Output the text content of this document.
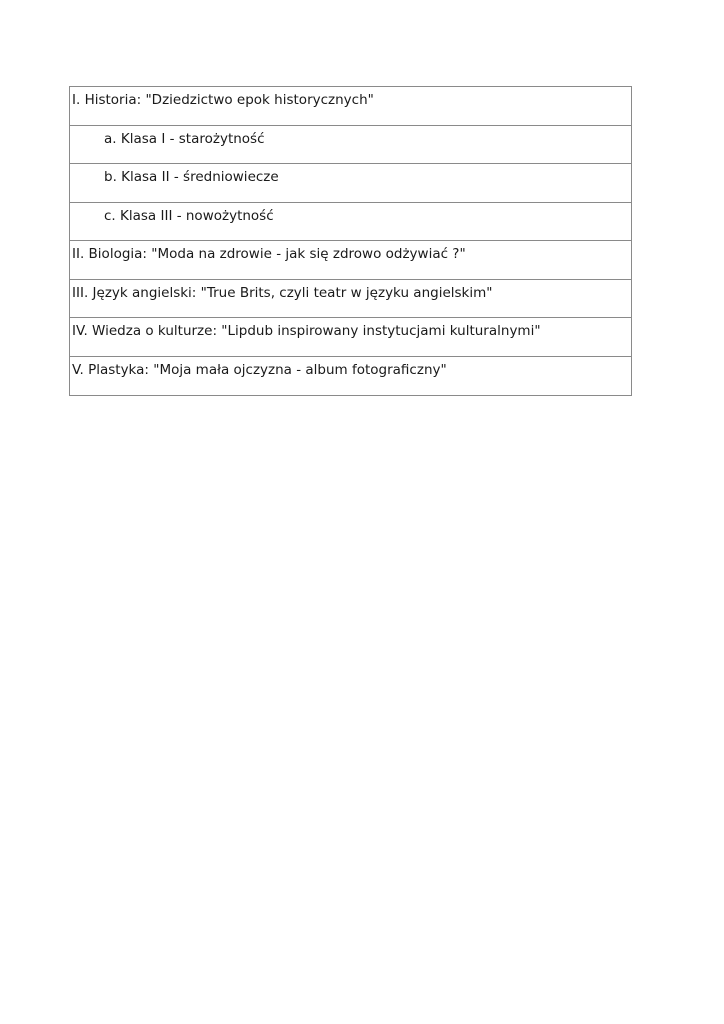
I. Historia: "Dziedzictwo epok historycznych"
a. Klasa I - starożytność
b. Klasa II - średniowiecze
c. Klasa III - nowożytność
II. Biologia: "Moda na zdrowie - jak się zdrowo odżywiać ?"
III. Język angielski: "True Brits, czyli teatr w języku angielskim"
IV. Wiedza o kulturze: "Lipdub inspirowany instytucjami kulturalnymi"
V. Plastyka: "Moja mała ojczyzna - album fotograficzny"
